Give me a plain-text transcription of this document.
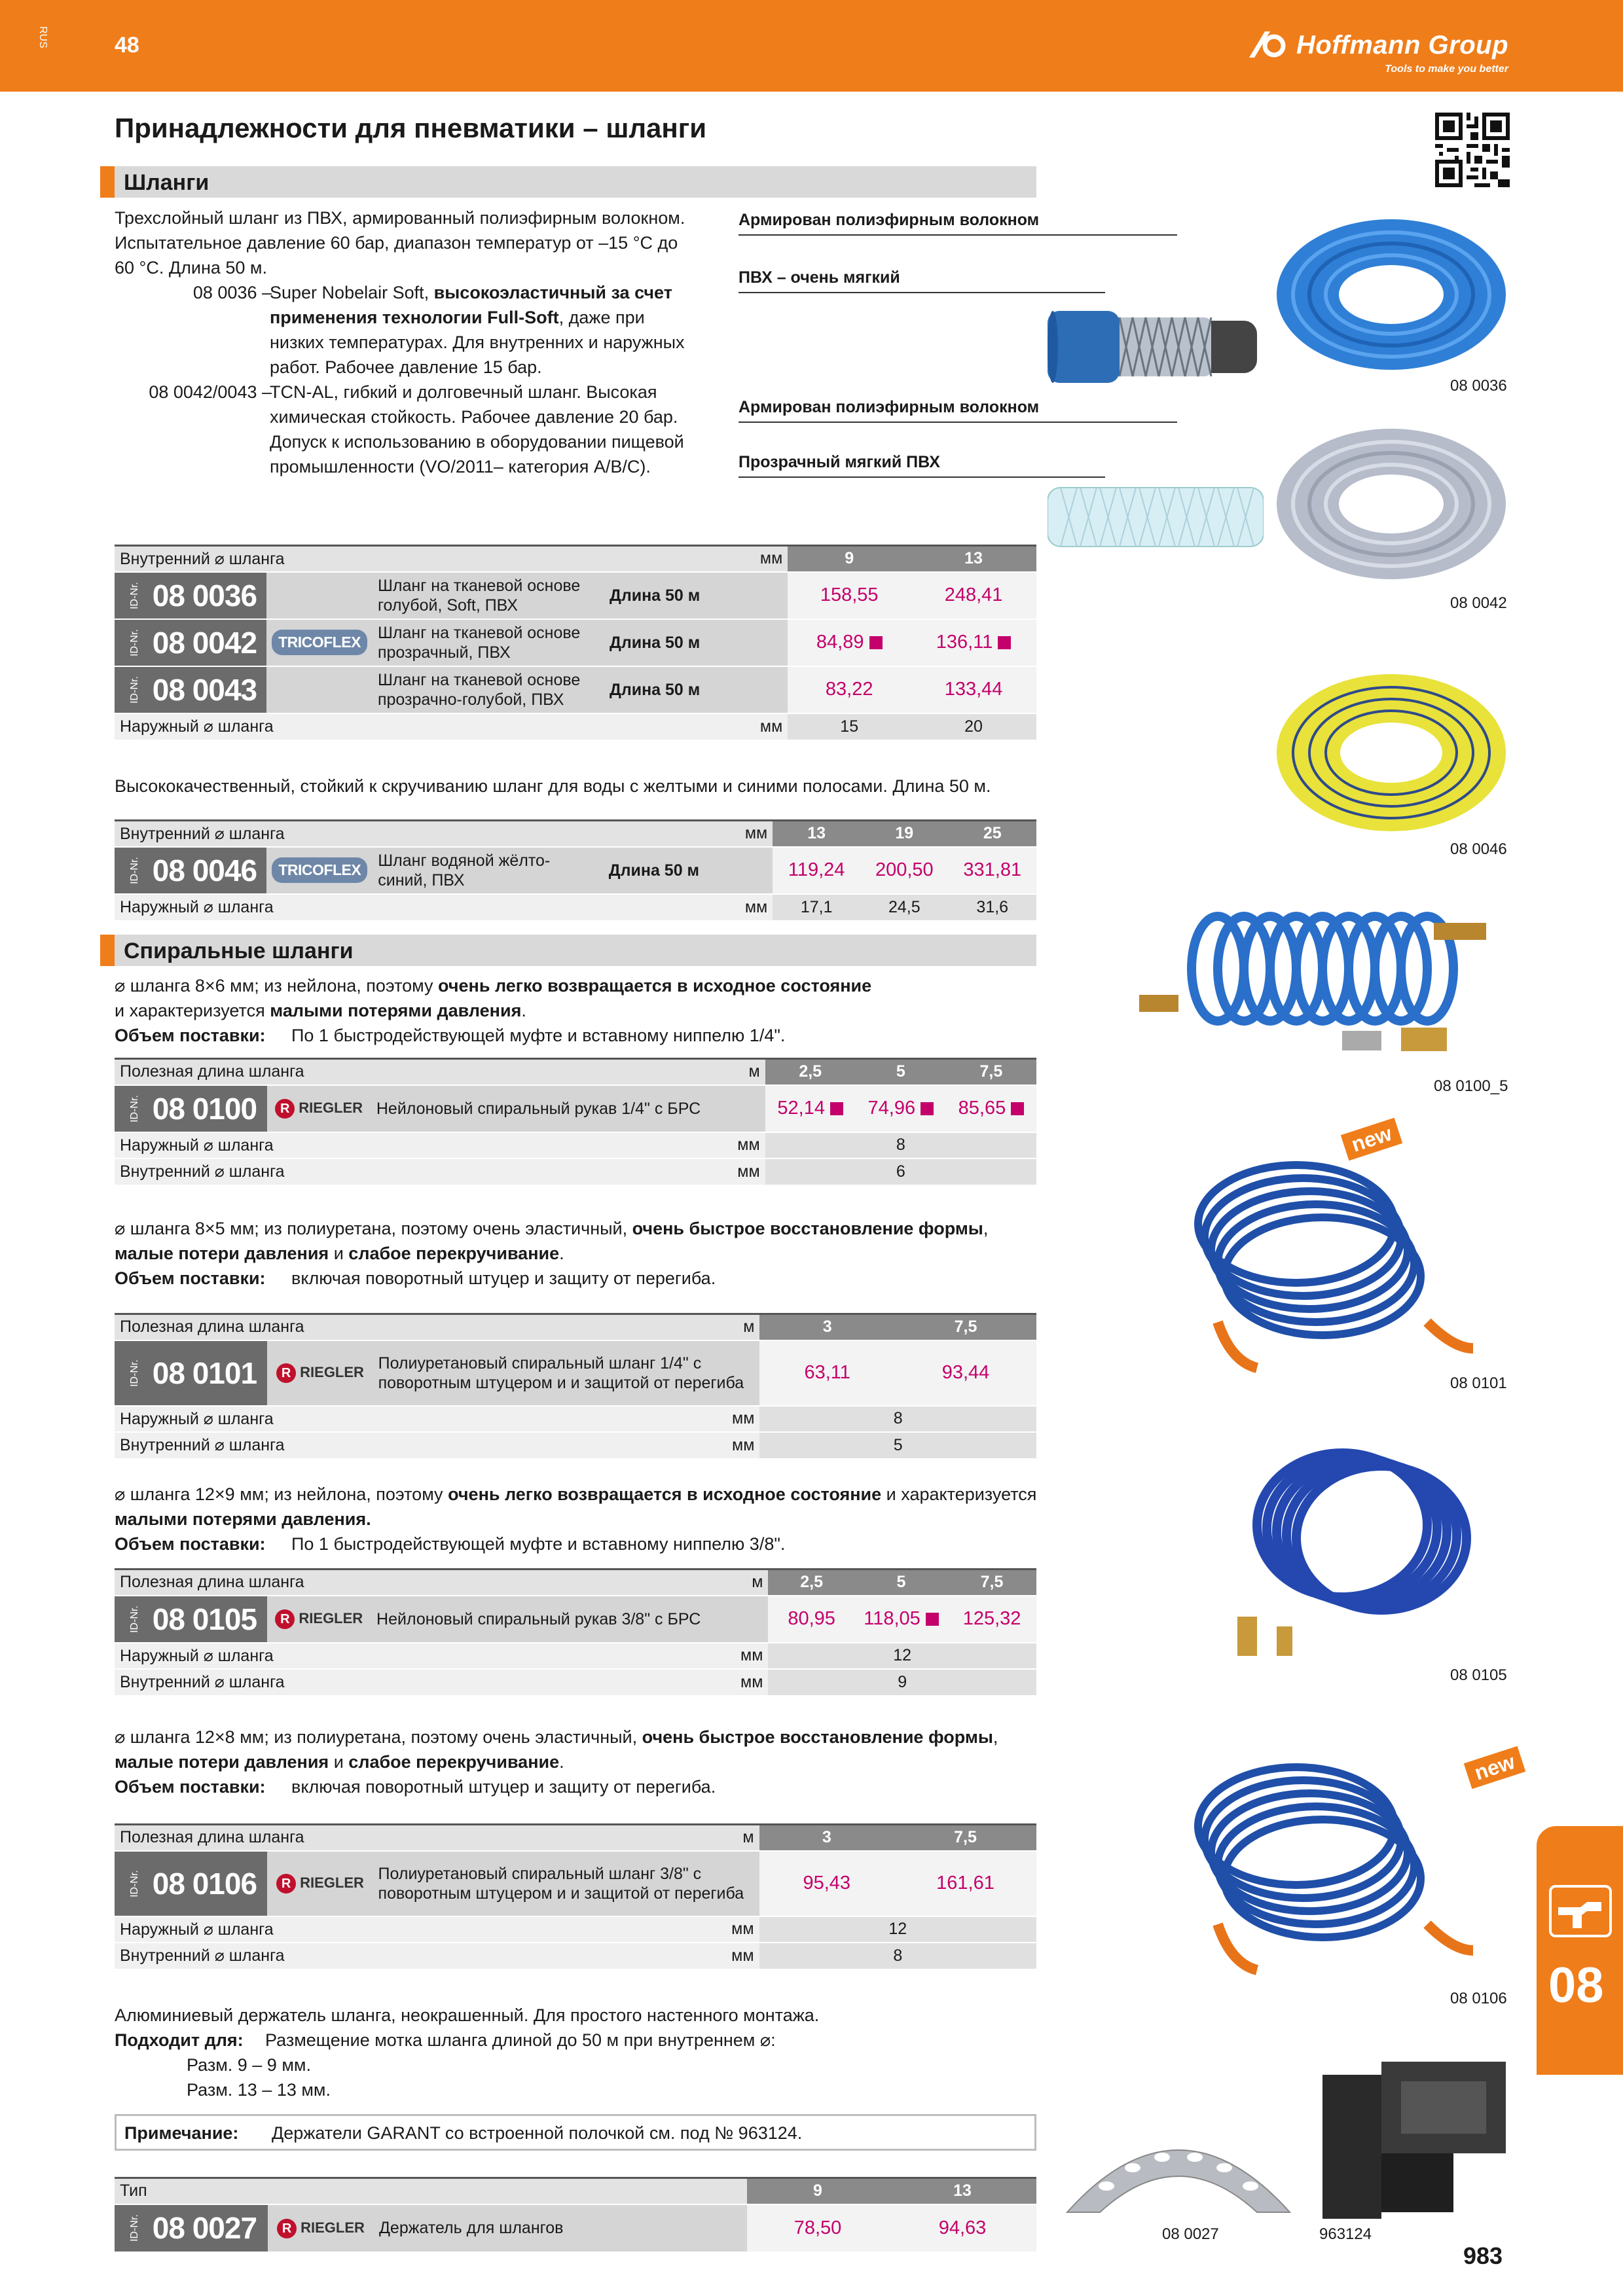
RUS	48	Hoffmann Group
Tools to make you better
Принадлежности для пневматики – шланги
Шланги
Трехслойный шланг из ПВХ, армированный полиэфирным волокном.
Испытательное давление 60 бар, диапазон температур от –15 °C до
60 °C. Длина 50 м.
08 0036 –
Super Nobelair Soft, высокоэластичный за счет
применения технологии Full-Soft, даже при
низких температурах. Для внутренних и наружных
работ. Рабочее давление 15 бар.
08 0042/0043 –
TCN-AL, гибкий и долговечный шланг. Высокая
химическая стойкость. Рабочее давление 20 бар.
Допуск к использованию в оборудовании пищевой
промышленности (VO/2011– категория A/B/C).
Армирован полиэфирным волокном
ПВХ – очень мягкий
Армирован полиэфирным волокном
Прозрачный мягкий ПВХ
08 0036
08 0042
08 0046
08 0100_5
new
08 0101
08 0105
new
08 0106
08 0027	963124
Внутренний ⌀ шланга				мм	9	13
ID-Nr. 08 0036		Шланг на тканевой основе голубой, Soft, ПВХ	Длина 50 м		158,55	248,41
ID-Nr. 08 0042	TRICOFLEX	Шланг на тканевой основе прозрачный, ПВХ	Длина 50 м		84,89	136,11
ID-Nr. 08 0043		Шланг на тканевой основе прозрачно-голубой, ПВХ	Длина 50 м		83,22	133,44
Наружный ⌀ шланга				мм	15	20
Высококачественный, стойкий к скручиванию шланг для воды с желтыми и синими полосами. Длина 50 м.
Внутренний ⌀ шланга				мм	13	19	25
ID-Nr. 08 0046	TRICOFLEX	Шланг водяной жёлто-синий, ПВХ	Длина 50 м		119,24	200,50	331,81
Наружный ⌀ шланга				мм	17,1	24,5	31,6
Спиральные шланги
⌀ шланга 8×6 мм; из нейлона, поэтому очень легко возвращается в исходное состояние
и характеризуется малыми потерями давления.
Объем поставки: По 1 быстродействующей муфте и вставному ниппелю 1/4".
Полезная длина шланга			м	2,5	5	7,5
ID-Nr. 08 0100	R RIEGLER	Нейлоновый спиральный рукав 1/4" с БРС		52,14	74,96	85,65
Наружный ⌀ шланга			мм	8		
Внутренний ⌀ шланга			мм	6		
⌀ шланга 8×5 мм; из полиуретана, поэтому очень эластичный, очень быстрое восстановление формы,
малые потери давления и слабое перекручивание.
Объем поставки: включая поворотный штуцер и защиту от перегиба.
Полезная длина шланга			м	3	7,5
ID-Nr. 08 0101	R RIEGLER	Полиуретановый спиральный шланг 1/4" с поворотным штуцером и и защитой от перегиба		63,11	93,44
Наружный ⌀ шланга			мм	8	
Внутренний ⌀ шланга			мм	5	
⌀ шланга 12×9 мм; из нейлона, поэтому очень легко возвращается в исходное состояние и характеризуется
малыми потерями давления.
Объем поставки: По 1 быстродействующей муфте и вставному ниппелю 3/8".
Полезная длина шланга			м	2,5	5	7,5
ID-Nr. 08 0105	R RIEGLER	Нейлоновый спиральный рукав 3/8" с БРС		80,95	118,05	125,32
Наружный ⌀ шланга			мм	12		
Внутренний ⌀ шланга			мм	9		
⌀ шланга 12×8 мм; из полиуретана, поэтому очень эластичный, очень быстрое восстановление формы,
малые потери давления и слабое перекручивание.
Объем поставки: включая поворотный штуцер и защиту от перегиба.
Полезная длина шланга			м	3	7,5
ID-Nr. 08 0106	R RIEGLER	Полиуретановый спиральный шланг 3/8" с поворотным штуцером и и защитой от перегиба		95,43	161,61
Наружный ⌀ шланга			мм	12	
Внутренний ⌀ шланга			мм	8	
Алюминиевый держатель шланга, неокрашенный. Для простого настенного монтажа.
Подходит для: Размещение мотка шланга длиной до 50 м при внутреннем ⌀:
Разм. 9 – 9 мм.
Разм. 13 – 13 мм.
Примечание: Держатели GARANT со встроенной полочкой см. под № 963124.
Тип			9	13
ID-Nr. 08 0027	R RIEGLER	Держатель для шлангов	78,50	94,63
08
983
